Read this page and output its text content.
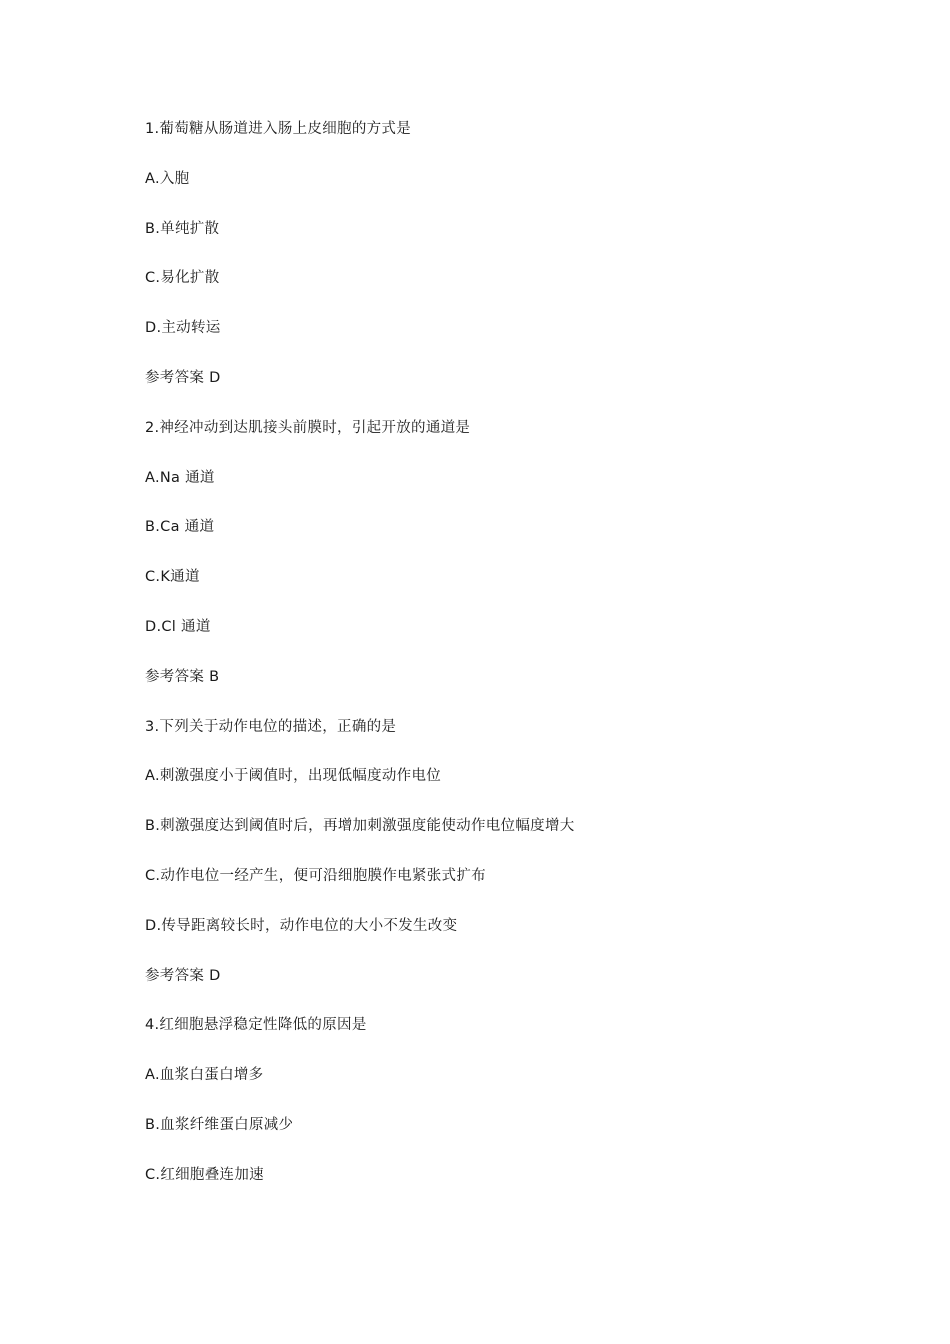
1.葡萄糖从肠道进入肠上皮细胞的方式是
A.入胞
B.单纯扩散
C.易化扩散
D.主动转运
参考答案 D
2.神经冲动到达肌接头前膜时，引起开放的通道是
A.Na 通道
B.Ca 通道
C.K通道
D.Cl 通道
参考答案 B
3.下列关于动作电位的描述，正确的是
A.刺激强度小于阈值时，出现低幅度动作电位
B.刺激强度达到阈值时后，再增加刺激强度能使动作电位幅度增大
C.动作电位一经产生，便可沿细胞膜作电紧张式扩布
D.传导距离较长时，动作电位的大小不发生改变
参考答案 D
4.红细胞悬浮稳定性降低的原因是
A.血浆白蛋白增多
B.血浆纤维蛋白原减少
C.红细胞叠连加速
